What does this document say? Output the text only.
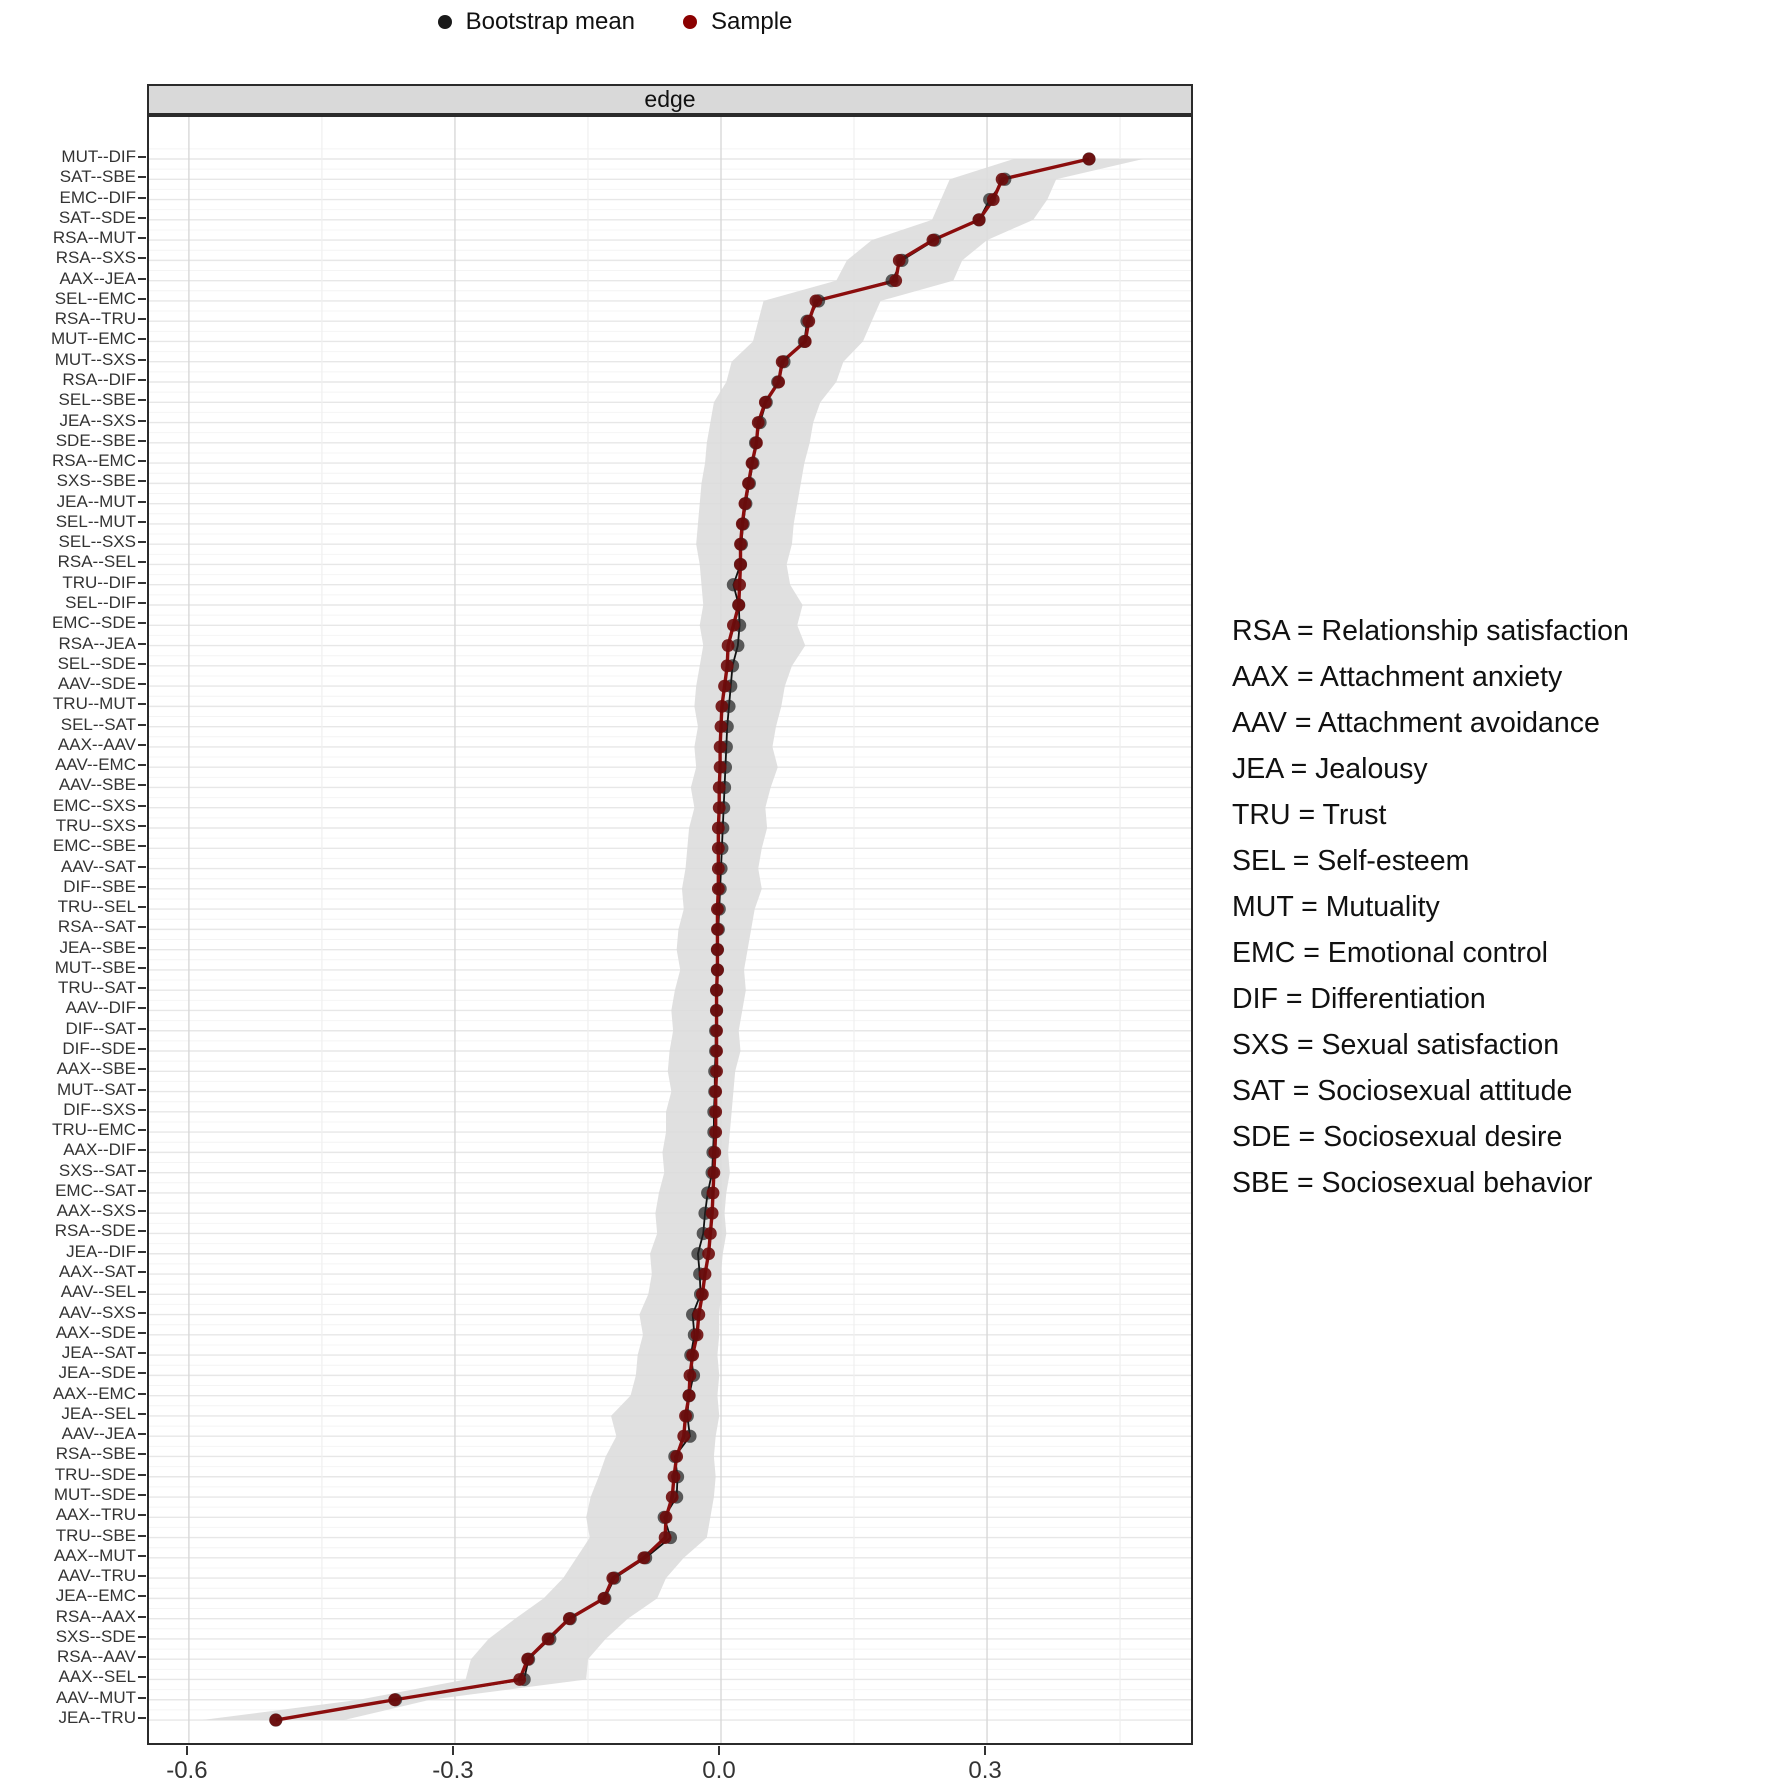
Bootstrap mean	Sample
edge
MUT--DIF
SAT--SBE
EMC--DIF
SAT--SDE
RSA--MUT
RSA--SXS
AAX--JEA
SEL--EMC
RSA--TRU
MUT--EMC
MUT--SXS
RSA--DIF
SEL--SBE
JEA--SXS
SDE--SBE
RSA--EMC
SXS--SBE
JEA--MUT
SEL--MUT
SEL--SXS
RSA--SEL
TRU--DIF
SEL--DIF
EMC--SDE
RSA--JEA
SEL--SDE
AAV--SDE
TRU--MUT
SEL--SAT
AAX--AAV
AAV--EMC
AAV--SBE
EMC--SXS
TRU--SXS
EMC--SBE
AAV--SAT
DIF--SBE
TRU--SEL
RSA--SAT
JEA--SBE
MUT--SBE
TRU--SAT
AAV--DIF
DIF--SAT
DIF--SDE
AAX--SBE
MUT--SAT
DIF--SXS
TRU--EMC
AAX--DIF
SXS--SAT
EMC--SAT
AAX--SXS
RSA--SDE
JEA--DIF
AAX--SAT
AAV--SEL
AAV--SXS
AAX--SDE
JEA--SAT
JEA--SDE
AAX--EMC
JEA--SEL
AAV--JEA
RSA--SBE
TRU--SDE
MUT--SDE
AAX--TRU
TRU--SBE
AAX--MUT
AAV--TRU
JEA--EMC
RSA--AAX
SXS--SDE
RSA--AAV
AAX--SEL
AAV--MUT
JEA--TRU
-0.6	-0.3	0.0	0.3
RSA = Relationship satisfaction
AAX = Attachment anxiety
AAV = Attachment avoidance
JEA = Jealousy
TRU = Trust
SEL = Self-esteem
MUT = Mutuality
EMC = Emotional control
DIF = Differentiation
SXS = Sexual satisfaction
SAT = Sociosexual attitude
SDE = Sociosexual desire
SBE = Sociosexual behavior
